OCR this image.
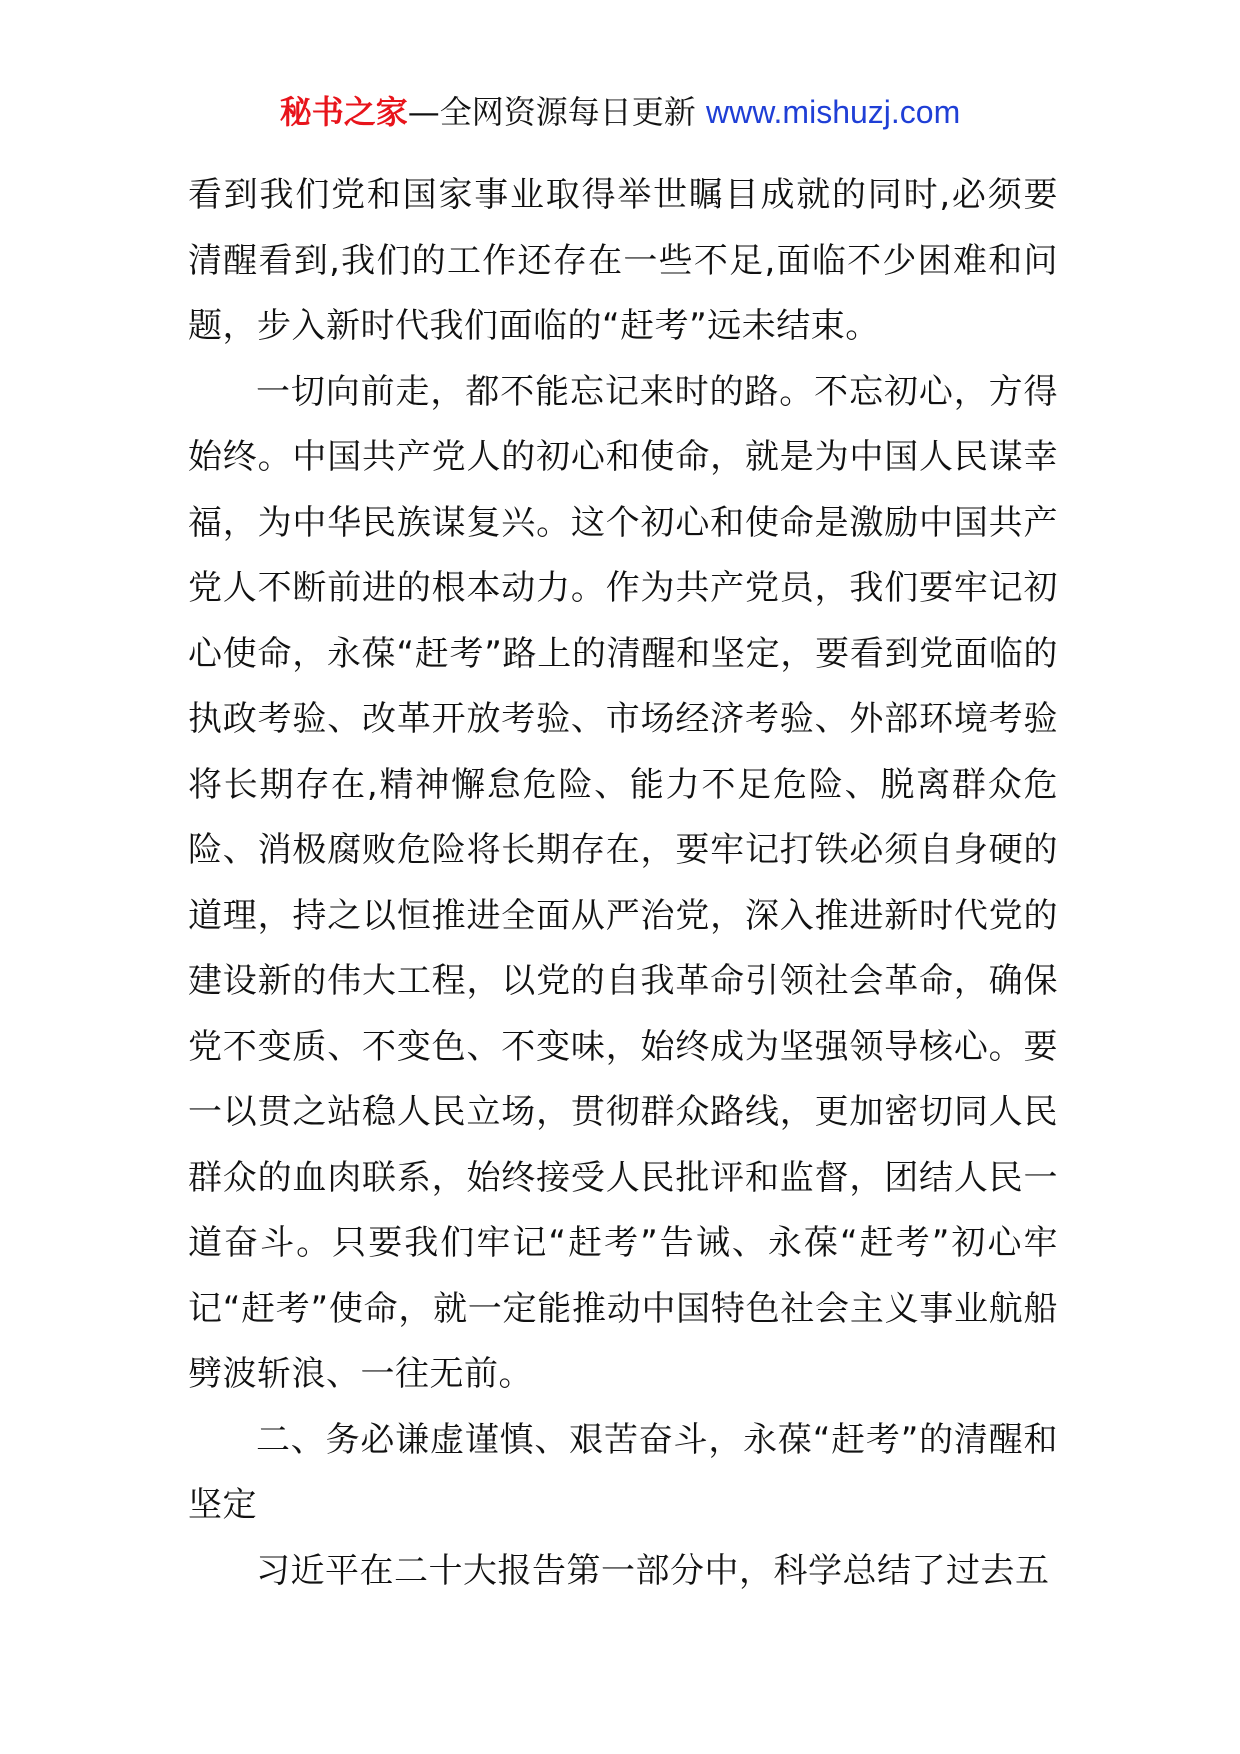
秘书之家—全网资源每日更新 www.mishuzj.com

看到我们党和国家事业取得举世瞩目成就的同时,必须要清醒看到,我们的工作还存在一些不足,面临不少困难和问题，步入新时代我们面临的“赶考”远未结束。

一切向前走，都不能忘记来时的路。不忘初心，方得始终。中国共产党人的初心和使命，就是为中国人民谋幸福，为中华民族谋复兴。这个初心和使命是激励中国共产党人不断前进的根本动力。作为共产党员，我们要牢记初心使命，永葆“赶考”路上的清醒和坚定，要看到党面临的执政考验、改革开放考验、市场经济考验、外部环境考验将长期存在,精神懈怠危险、能力不足危险、脱离群众危险、消极腐败危险将长期存在，要牢记打铁必须自身硬的道理，持之以恒推进全面从严治党，深入推进新时代党的建设新的伟大工程，以党的自我革命引领社会革命，确保党不变质、不变色、不变味，始终成为坚强领导核心。要一以贯之站稳人民立场，贯彻群众路线，更加密切同人民群众的血肉联系，始终接受人民批评和监督，团结人民一道奋斗。只要我们牢记“赶考”告诫、永葆“赶考”初心牢记“赶考”使命，就一定能推动中国特色社会主义事业航船劈波斩浪、一往无前。

二、务必谦虚谨慎、艰苦奋斗，永葆“赶考”的清醒和坚定

习近平在二十大报告第一部分中，科学总结了过去五
